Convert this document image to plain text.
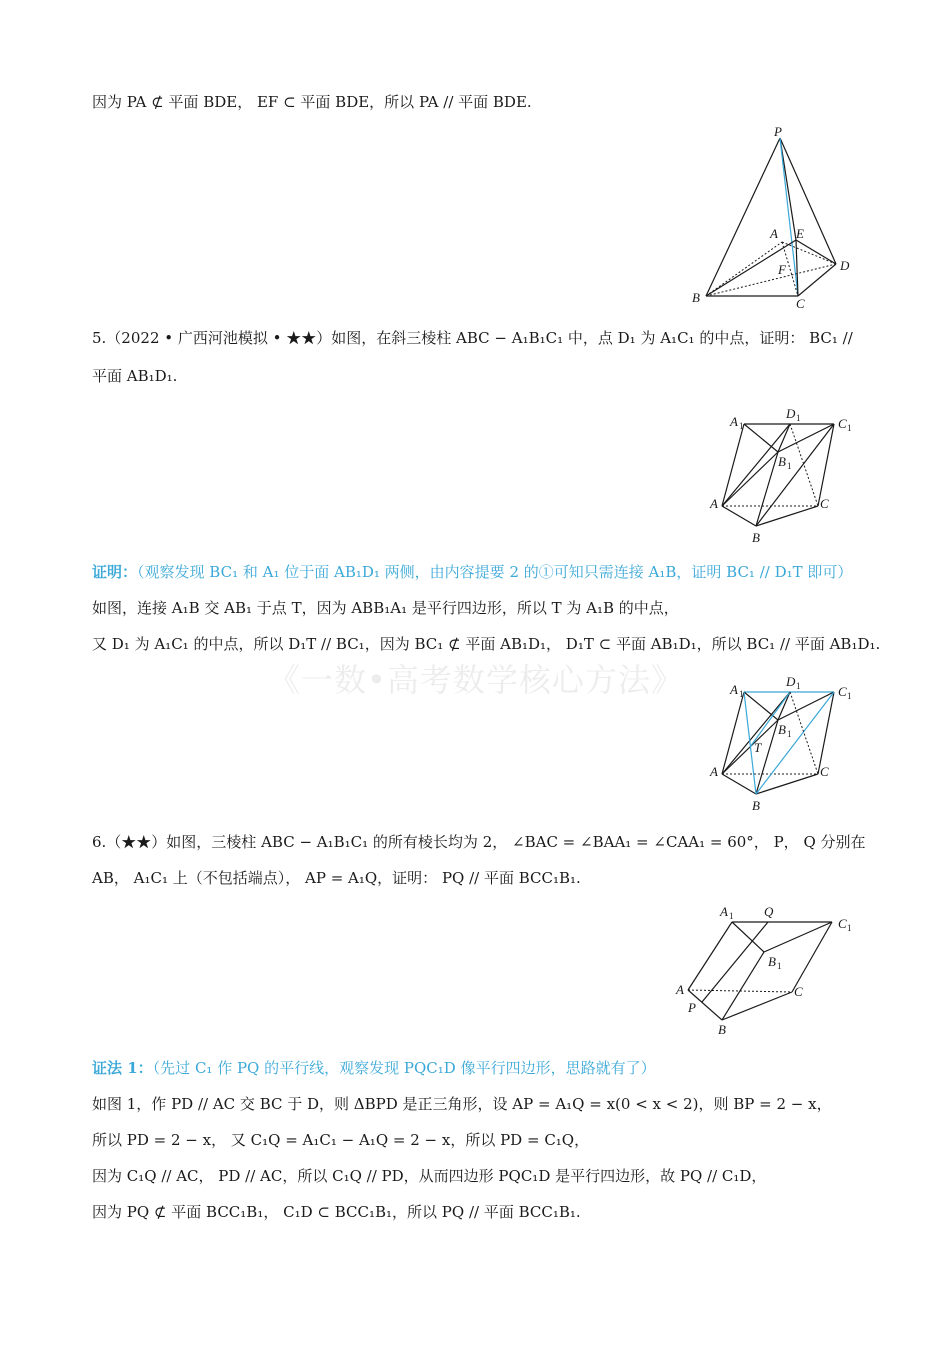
《一数•高考数学核心方法》
因为 PA ⊄ 平面 BDE， EF ⊂ 平面 BDE，所以 PA // 平面 BDE.
P
A E
F	D
B	C
5.（2022 • 广西河池模拟 • ★★）如图，在斜三棱柱 ABC − A₁B₁C₁ 中，点 D₁ 为 A₁C₁ 的中点，证明： BC₁ //
平面 AB₁D₁.
A 1
D 1	C 1
B 1
A	C
B
证明：（观察发现 BC₁ 和 A₁ 位于面 AB₁D₁ 两侧，由内容提要 2 的①可知只需连接 A₁B，证明 BC₁ // D₁T 即可）
如图，连接 A₁B 交 AB₁ 于点 T，因为 ABB₁A₁ 是平行四边形，所以 T 为 A₁B 的中点，
又 D₁ 为 A₁C₁ 的中点，所以 D₁T // BC₁，因为 BC₁ ⊄ 平面 AB₁D₁， D₁T ⊂ 平面 AB₁D₁，所以 BC₁ // 平面 AB₁D₁.
A 1
D 1	C 1
B 1
T
A	C
B
6.（★★）如图，三棱柱 ABC − A₁B₁C₁ 的所有棱长均为 2， ∠BAC = ∠BAA₁ = ∠CAA₁ = 60°， P， Q 分别在
AB， A₁C₁ 上（不包括端点）， AP = A₁Q，证明： PQ // 平面 BCC₁B₁.
A 1 Q
C 1
B 1
A
P
C
B
证法 1：（先过 C₁ 作 PQ 的平行线，观察发现 PQC₁D 像平行四边形，思路就有了）
如图 1，作 PD // AC 交 BC 于 D，则 ΔBPD 是正三角形，设 AP = A₁Q = x(0 < x < 2)，则 BP = 2 − x，
所以 PD = 2 − x， 又 C₁Q = A₁C₁ − A₁Q = 2 − x，所以 PD = C₁Q，
因为 C₁Q // AC， PD // AC，所以 C₁Q // PD，从而四边形 PQC₁D 是平行四边形，故 PQ // C₁D，
因为 PQ ⊄ 平面 BCC₁B₁， C₁D ⊂ BCC₁B₁，所以 PQ // 平面 BCC₁B₁.
